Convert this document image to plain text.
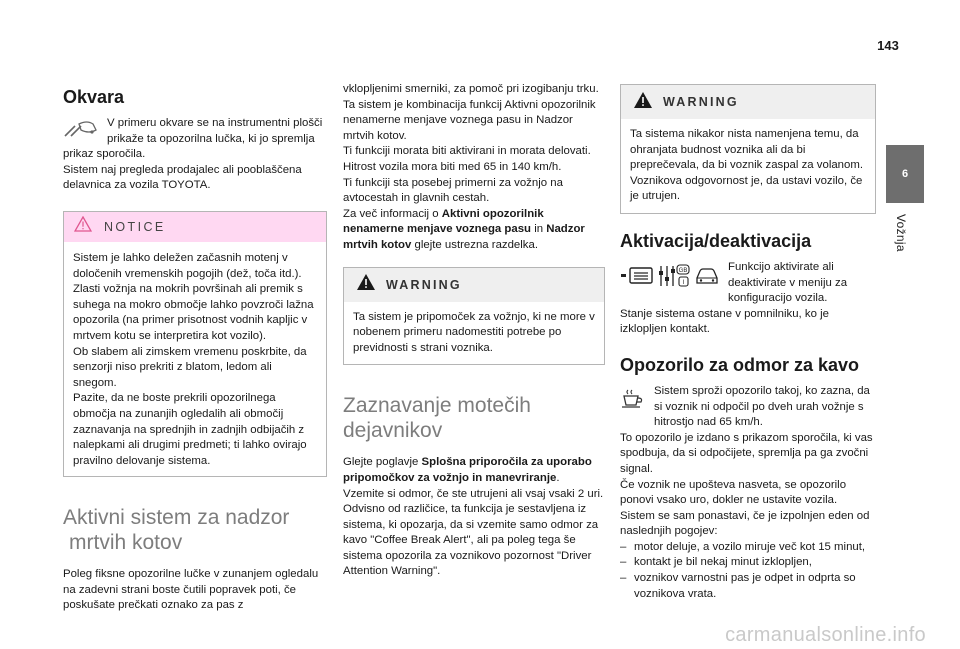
143
6
Vožnja
Okvara
V primeru okvare se na instrumentni plošči prikaže ta opozorilna lučka, ki jo spremlja prikaz sporočila.
Sistem naj pregleda prodajalec ali pooblaščena delavnica za vozila TOYOTA.
NOTICE
Sistem je lahko deležen začasnih motenj v določenih vremenskih pogojih (dež, toča itd.).
Zlasti vožnja na mokrih površinah ali premik s suhega na mokro območje lahko povzroči lažna opozorila (na primer prisotnost vodnih kapljic v mrtvem kotu se interpretira kot vozilo).
Ob slabem ali zimskem vremenu poskrbite, da senzorji niso prekriti z blatom, ledom ali snegom.
Pazite, da ne boste prekrili opozorilnega območja na zunanjih ogledalih ali območij zaznavanja na sprednjih in zadnjih odbijačih z nalepkami ali drugimi predmeti; ti lahko ovirajo pravilno delovanje sistema.
Aktivni sistem za nadzor
mrtvih kotov
Poleg fiksne opozorilne lučke v zunanjem ogledalu na zadevni strani boste čutili popravek poti, če poskušate prečkati oznako za pas z
vklopljenimi smerniki, za pomoč pri izogibanju trku.
Ta sistem je kombinacija funkcij Aktivni opozorilnik nenamerne menjave voznega pasu in Nadzor mrtvih kotov.
Ti funkciji morata biti aktivirani in morata delovati.
Hitrost vozila mora biti med 65 in 140 km/h.
Ti funkciji sta posebej primerni za vožnjo na avtocestah in glavnih cestah.
Za več informacij o Aktivni opozorilnik nenamerne menjave voznega pasu in Nadzor mrtvih kotov glejte ustrezna razdelka.
WARNING
Ta sistem je pripomoček za vožnjo, ki ne more v nobenem primeru nadomestiti potrebe po previdnosti s strani voznika.
Zaznavanje motečih
dejavnikov
Glejte poglavje Splošna priporočila za uporabo pripomočkov za vožnjo in manevriranje.
Vzemite si odmor, če ste utrujeni ali vsaj vsaki 2 uri.
Odvisno od različice, ta funkcija je sestavljena iz sistema, ki opozarja, da si vzemite samo odmor za kavo "Coffee Break Alert", ali pa poleg tega še sistema opozorila za voznikovo pozornost "Driver Attention Warning".
WARNING
Ta sistema nikakor nista namenjena temu, da ohranjata budnost voznika ali da bi preprečevala, da bi voznik zaspal za volanom.
Voznikova odgovornost je, da ustavi vozilo, če je utrujen.
Aktivacija/deaktivacija
GB
I
Funkcijo aktivirate ali deaktivirate v meniju za konfiguracijo vozila.
Stanje sistema ostane v pomnilniku, ko je izklopljen kontakt.
Opozorilo za odmor za kavo
Sistem sproži opozorilo takoj, ko zazna, da si voznik ni odpočil po dveh urah vožnje s hitrostjo nad 65 km/h.
To opozorilo je izdano s prikazom sporočila, ki vas spodbuja, da si odpočijete, spremlja pa ga zvočni signal.
Če voznik ne upošteva nasveta, se opozorilo ponovi vsako uro, dokler ne ustavite vozila.
Sistem se sam ponastavi, če je izpolnjen eden od naslednjih pogojev:
– motor deluje, a vozilo miruje več kot 15 minut,
– kontakt je bil nekaj minut izklopljen,
– voznikov varnostni pas je odpet in odprta so voznikova vrata.
carmanualsonline.info
